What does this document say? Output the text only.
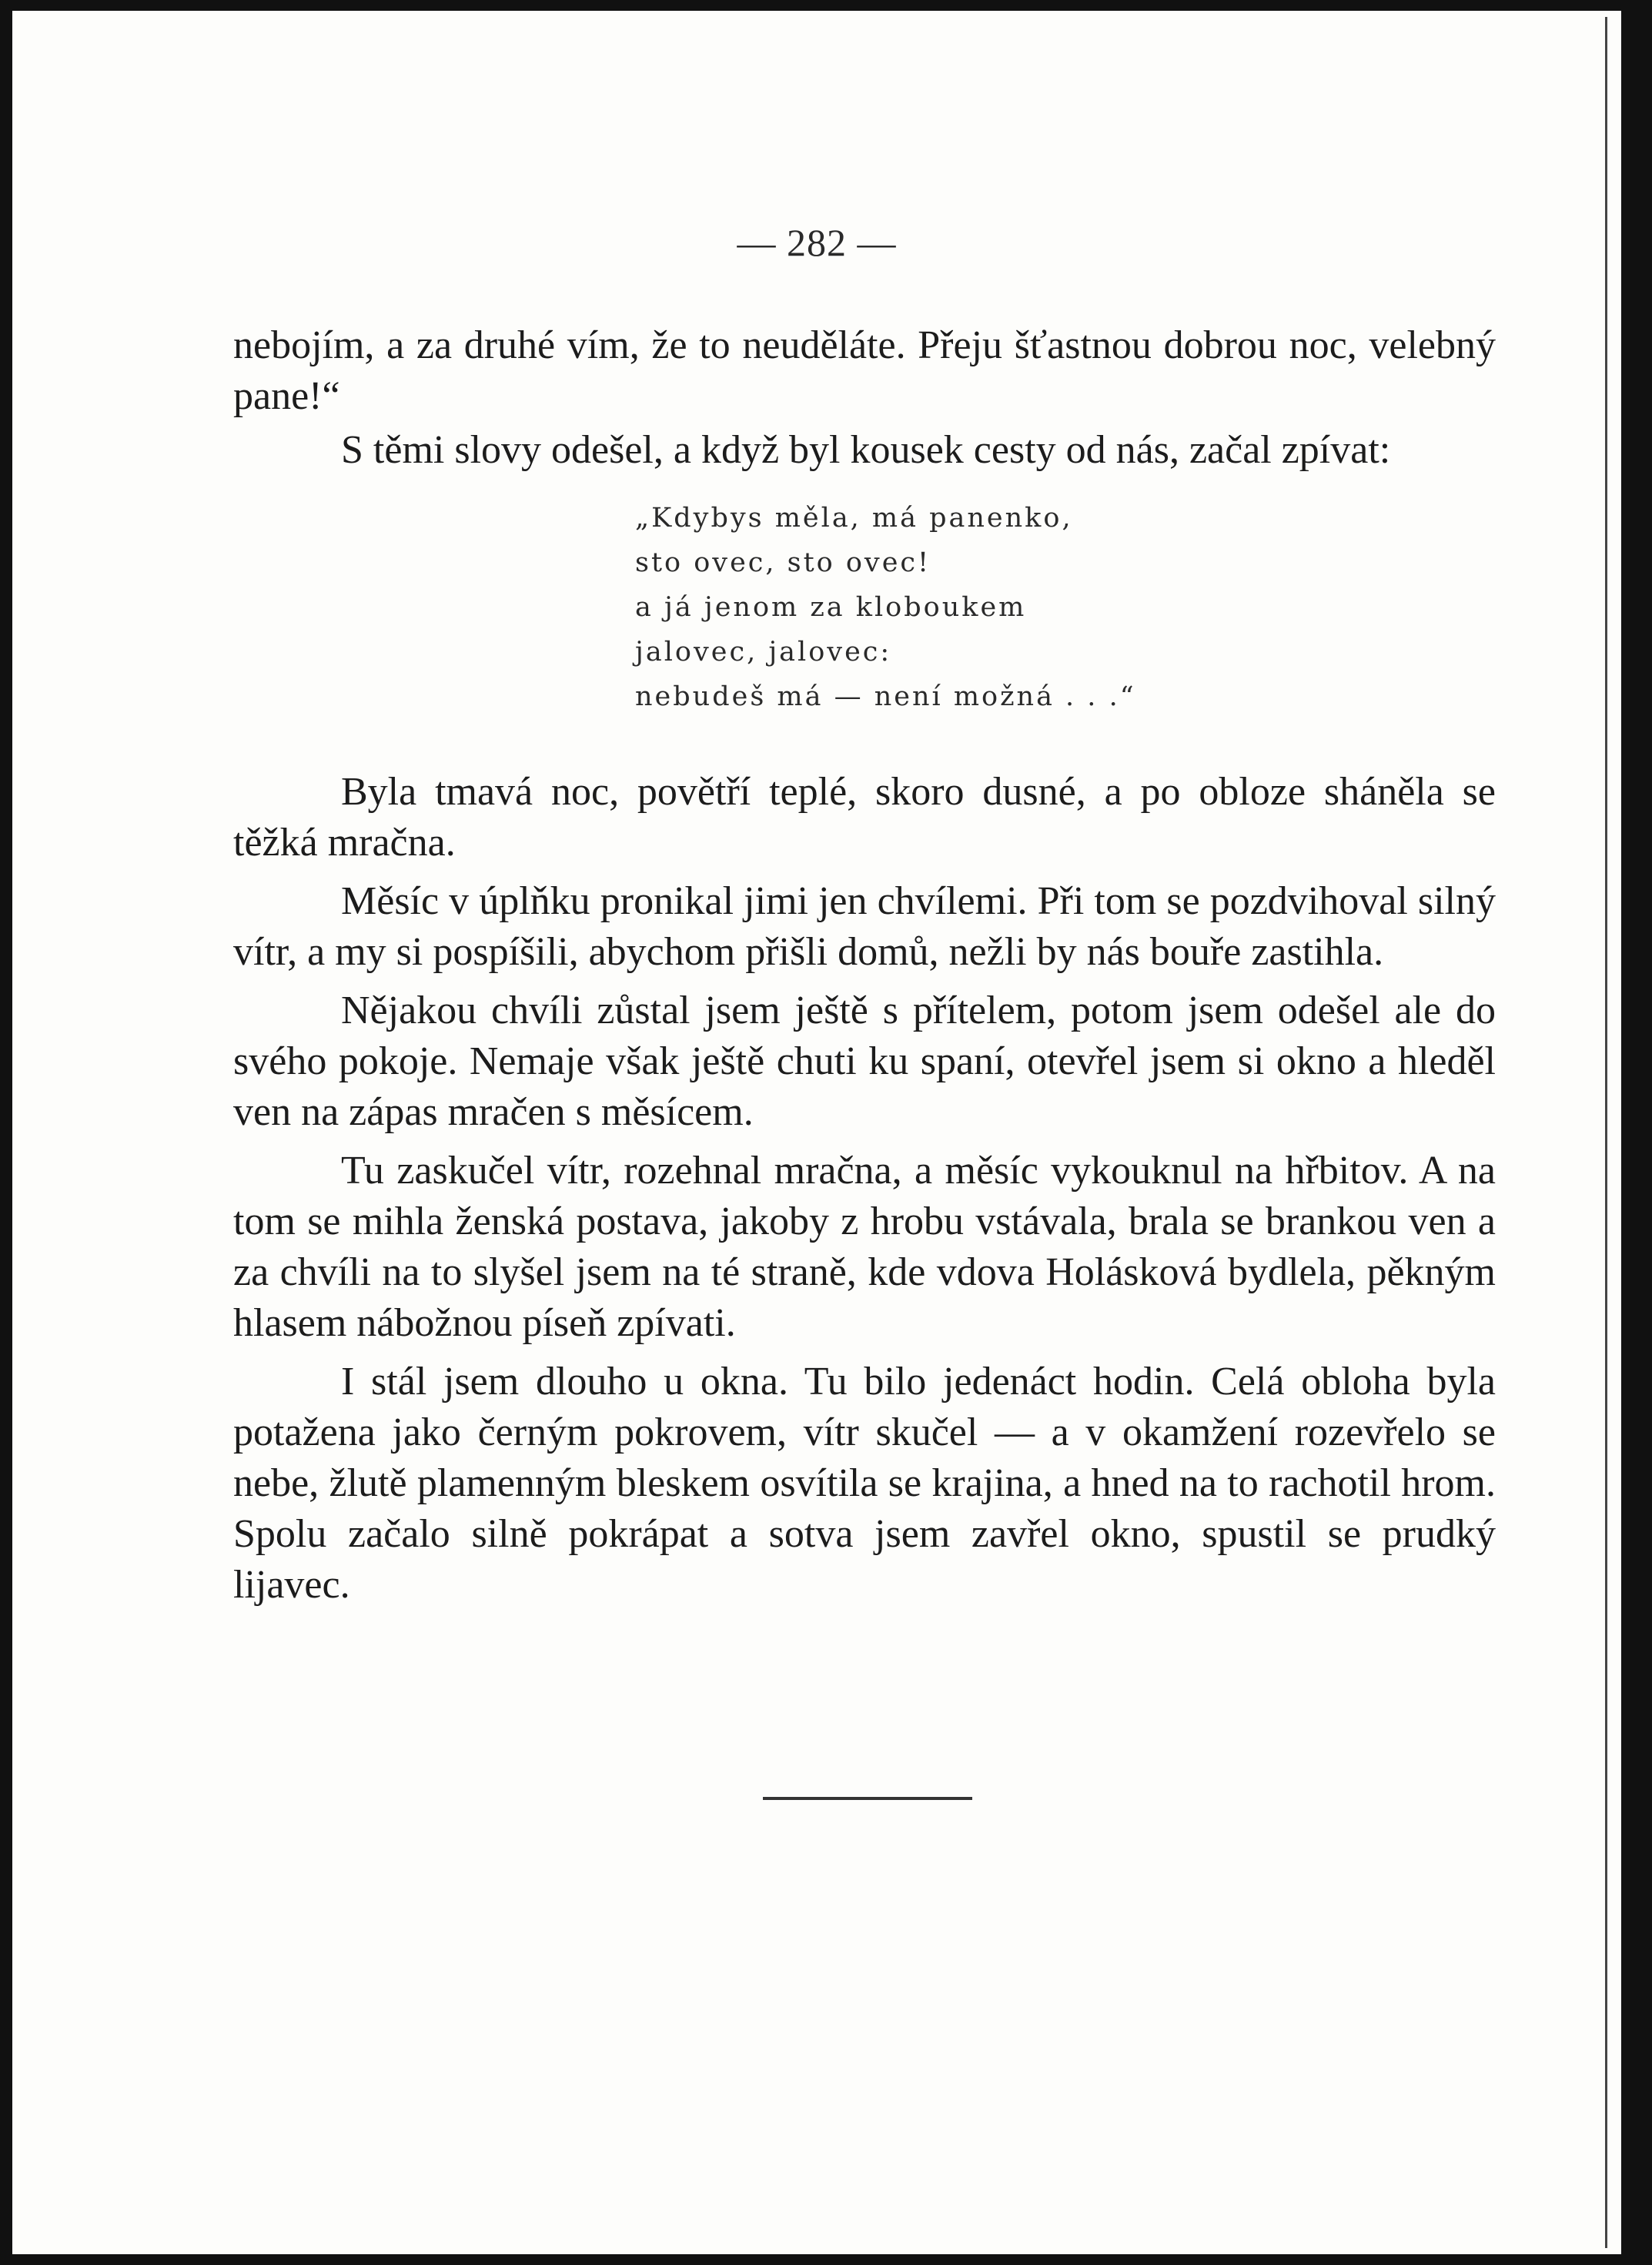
— 282 —

nebojím, a za druhé vím, že to neuděláte. Přeju šťastnou dobrou noc, velebný pane!“

S těmi slovy odešel, a když byl kousek cesty od nás, začal zpívat:

„Kdybys měla, má panenko,
sto ovec, sto ovec!
a já jenom za kloboukem
jalovec, jalovec:
nebudeš má — není možná . . .“

Byla tmavá noc, povětří teplé, skoro dusné, a po obloze sháněla se těžká mračna.

Měsíc v úplňku pronikal jimi jen chvílemi. Při tom se pozdvihoval silný vítr, a my si pospíšili, abychom přišli domů, nežli by nás bouře zastihla.

Nějakou chvíli zůstal jsem ještě s přítelem, potom jsem odešel ale do svého pokoje. Nemaje však ještě chuti ku spaní, otevřel jsem si okno a hleděl ven na zápas mračen s měsícem.

Tu zaskučel vítr, rozehnal mračna, a měsíc vykouknul na hřbitov. A na tom se mihla ženská postava, jakoby z hrobu vstávala, brala se brankou ven a za chvíli na to slyšel jsem na té straně, kde vdova Holásková bydlela, pěkným hlasem nábožnou píseň zpívati.

I stál jsem dlouho u okna. Tu bilo jedenáct hodin. Celá obloha byla potažena jako černým pokrovem, vítr skučel — a v okamžení rozevřelo se nebe, žlutě plamenným bleskem osvítila se krajina, a hned na to rachotil hrom. Spolu začalo silně pokrápat a sotva jsem zavřel okno, spustil se prudký lijavec.
